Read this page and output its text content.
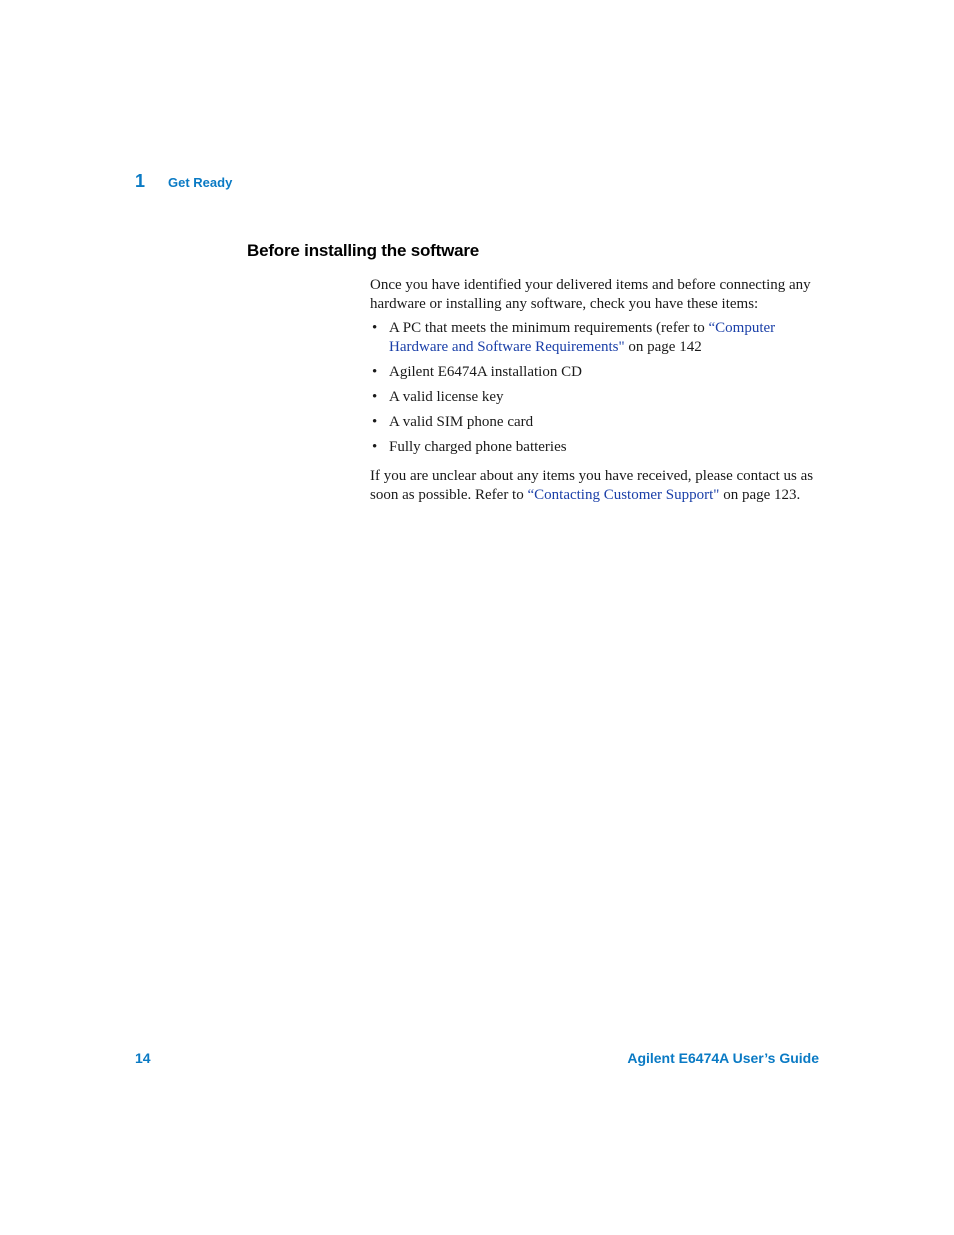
1	Get Ready
Before installing the software

Once you have identified your delivered items and before connecting any hardware or installing any software, check you have these items:

• A PC that meets the minimum requirements (refer to “Computer Hardware and Software Requirements" on page 142
• Agilent E6474A installation CD
• A valid license key
• A valid SIM phone card
• Fully charged phone batteries

If you are unclear about any items you have received, please contact us as soon as possible. Refer to “Contacting Customer Support" on page 123.

14	Agilent E6474A User’s Guide
